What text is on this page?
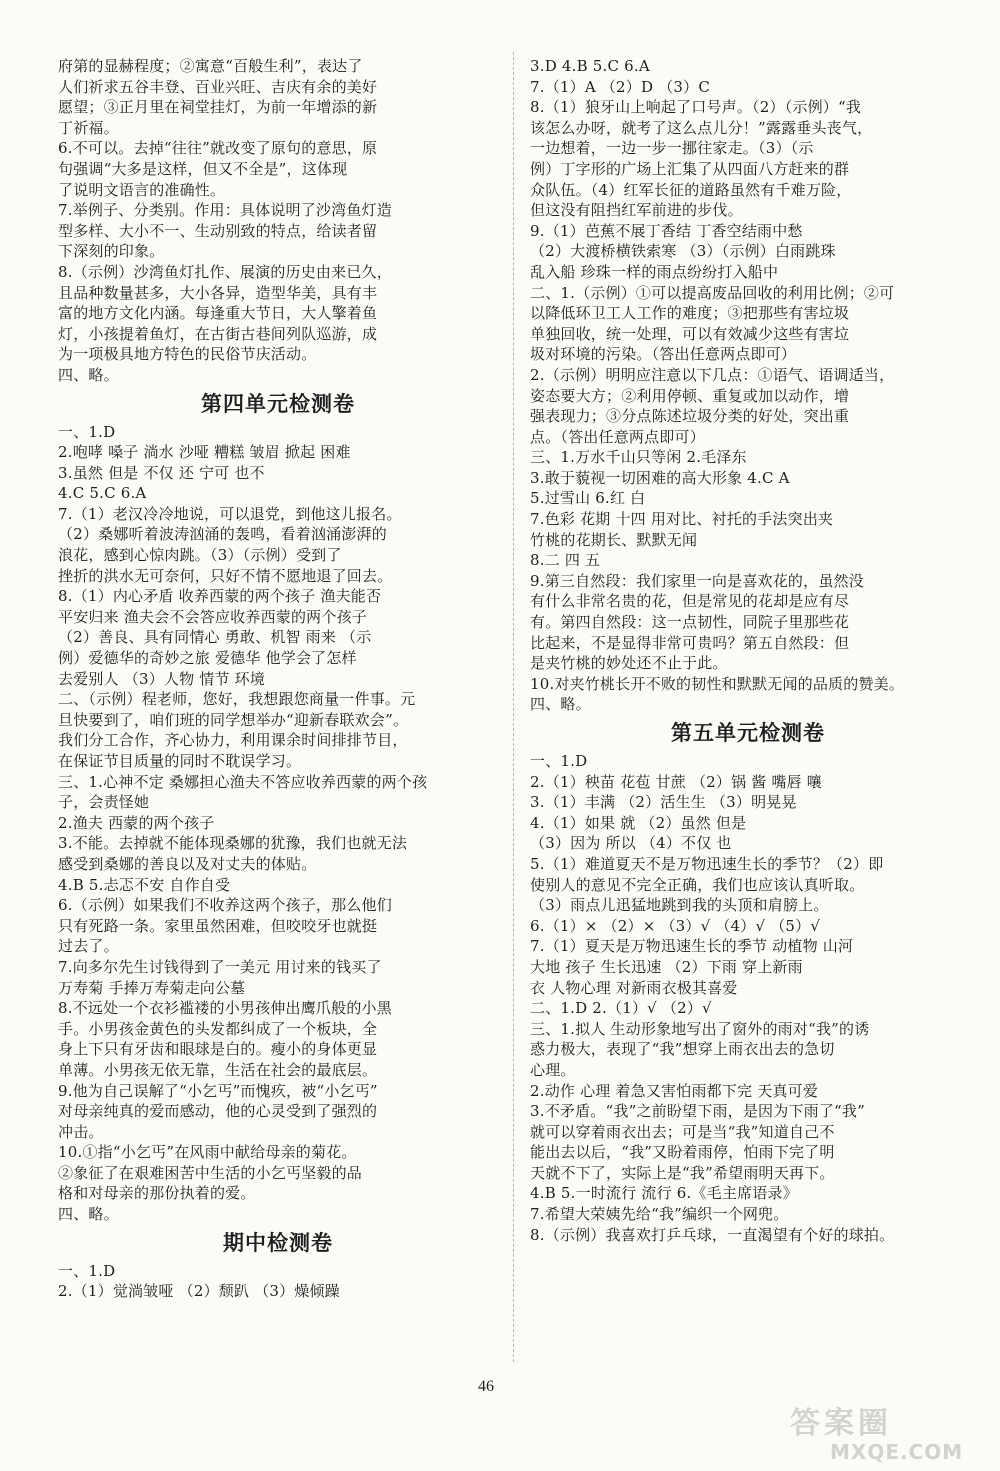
府第的显赫程度；②寓意“百般生利”，表达了
人们祈求五谷丰登、百业兴旺、吉庆有余的美好
愿望；③正月里在祠堂挂灯，为前一年增添的新
丁祈福。
6.不可以。去掉“往往”就改变了原句的意思，原
句强调“大多是这样，但又不全是”，这体现
了说明文语言的准确性。
7.举例子、分类别。作用：具体说明了沙湾鱼灯造
型多样、大小不一、生动别致的特点，给读者留
下深刻的印象。
8.（示例）沙湾鱼灯扎作、展演的历史由来已久，
且品种数量甚多，大小各异，造型华美，具有丰
富的地方文化内涵。每逢重大节日，大人擎着鱼
灯，小孩提着鱼灯，在古街古巷间列队巡游，成
为一项极具地方特色的民俗节庆活动。
四、略。
第四单元检测卷
一、1.D
2.咆哮 嗓子 淌水 沙哑 糟糕 皱眉 掀起 困难
3.虽然 但是 不仅 还 宁可 也不
4.C 5.C 6.A
7.（1）老汉冷冷地说，可以退党，到他这儿报名。
（2）桑娜听着波涛汹涌的轰鸣，看着汹涌澎湃的
浪花，感到心惊肉跳。（3）（示例）受到了
挫折的洪水无可奈何，只好不情不愿地退了回去。
8.（1）内心矛盾 收养西蒙的两个孩子 渔夫能否
平安归来 渔夫会不会答应收养西蒙的两个孩子
（2）善良、具有同情心 勇敢、机智 雨来 （示
例）爱德华的奇妙之旅 爱德华 他学会了怎样
去爱别人 （3）人物 情节 环境
二、（示例）程老师，您好，我想跟您商量一件事。元
旦快要到了，咱们班的同学想举办“迎新春联欢会”。
我们分工合作，齐心协力，利用课余时间排排节目，
在保证节目质量的同时不耽误学习。
三、1.心神不定 桑娜担心渔夫不答应收养西蒙的两个孩
子，会责怪她
2.渔夫 西蒙的两个孩子
3.不能。去掉就不能体现桑娜的犹豫，我们也就无法
感受到桑娜的善良以及对丈夫的体贴。
4.B 5.忐忑不安 自作自受
6.（示例）如果我们不收养这两个孩子，那么他们
只有死路一条。家里虽然困难，但咬咬牙也就挺
过去了。
7.向多尔先生讨钱得到了一美元 用讨来的钱买了
万寿菊 手捧万寿菊走向公墓
8.不远处一个衣衫褴褛的小男孩伸出鹰爪般的小黑
手。小男孩金黄色的头发都纠成了一个板块，全
身上下只有牙齿和眼球是白的。瘦小的身体更显
单薄。小男孩无依无靠，生活在社会的最底层。
9.他为自己误解了“小乞丐”而愧疚，被“小乞丐”
对母亲纯真的爱而感动，他的心灵受到了强烈的
冲击。
10.①指“小乞丐”在风雨中献给母亲的菊花。
②象征了在艰难困苦中生活的小乞丐坚毅的品
格和对母亲的那份执着的爱。
四、略。
期中检测卷
一、1.D
2.（1）觉淌皱哑 （2）颓趴 （3）燥倾躁
3.D 4.B 5.C 6.A
7.（1）A （2）D （3）C
8.（1）狼牙山上响起了口号声。（2）（示例）“我
该怎么办呀，就考了这么点儿分！”露露垂头丧气，
一边想着，一边一步一挪往家走。（3）（示
例）丁字形的广场上汇集了从四面八方赶来的群
众队伍。（4）红军长征的道路虽然有千难万险，
但这没有阻挡红军前进的步伐。
9.（1）芭蕉不展丁香结 丁香空结雨中愁
（2）大渡桥横铁索寒 （3）（示例）白雨跳珠
乱入船 珍珠一样的雨点纷纷打入船中
二、1.（示例）①可以提高废品回收的利用比例；②可
以降低环卫工人工作的难度；③把那些有害垃圾
单独回收，统一处理，可以有效减少这些有害垃
圾对环境的污染。（答出任意两点即可）
2.（示例）明明应注意以下几点：①语气、语调适当，
姿态要大方；②利用停顿、重复或加以动作，增
强表现力；③分点陈述垃圾分类的好处，突出重
点。（答出任意两点即可）
三、1.万水千山只等闲 2.毛泽东
3.敢于藐视一切困难的高大形象 4.C A
5.过雪山 6.红 白
7.色彩 花期 十四 用对比、衬托的手法突出夹
竹桃的花期长、默默无闻
8.二 四 五
9.第三自然段：我们家里一向是喜欢花的，虽然没
有什么非常名贵的花，但是常见的花却是应有尽
有。第四自然段：这一点韧性，同院子里那些花
比起来，不是显得非常可贵吗？第五自然段：但
是夹竹桃的妙处还不止于此。
10.对夹竹桃长开不败的韧性和默默无闻的品质的赞美。
四、略。
第五单元检测卷
一、1.D
2.（1）秧苗 花苞 甘蔗 （2）锅 酱 嘴唇 嚷
3.（1）丰满 （2）活生生 （3）明晃晃
4.（1）如果 就 （2）虽然 但是
（3）因为 所以 （4）不仅 也
5.（1）难道夏天不是万物迅速生长的季节？（2）即
使别人的意见不完全正确，我们也应该认真听取。
（3）雨点儿迅猛地跳到我的头顶和肩膀上。
6.（1）× （2）× （3）√ （4）√ （5）√
7.（1）夏天是万物迅速生长的季节 动植物 山河
大地 孩子 生长迅速 （2）下雨 穿上新雨
衣 人物心理 对新雨衣极其喜爱
二、1.D 2.（1）√ （2）√
三、1.拟人 生动形象地写出了窗外的雨对“我”的诱
惑力极大，表现了“我”想穿上雨衣出去的急切
心理。
2.动作 心理 着急又害怕雨都下完 天真可爱
3.不矛盾。“我”之前盼望下雨，是因为下雨了“我”
就可以穿着雨衣出去；可是当“我”知道自己不
能出去以后，“我”又盼着雨停，怕雨下完了明
天就不下了，实际上是“我”希望雨明天再下。
4.B 5.一时流行 流行 6.《毛主席语录》
7.希望大荣姨先给“我”编织一个网兜。
8.（示例）我喜欢打乒乓球，一直渴望有个好的球拍。
46
答案圈
MXQE.COM
